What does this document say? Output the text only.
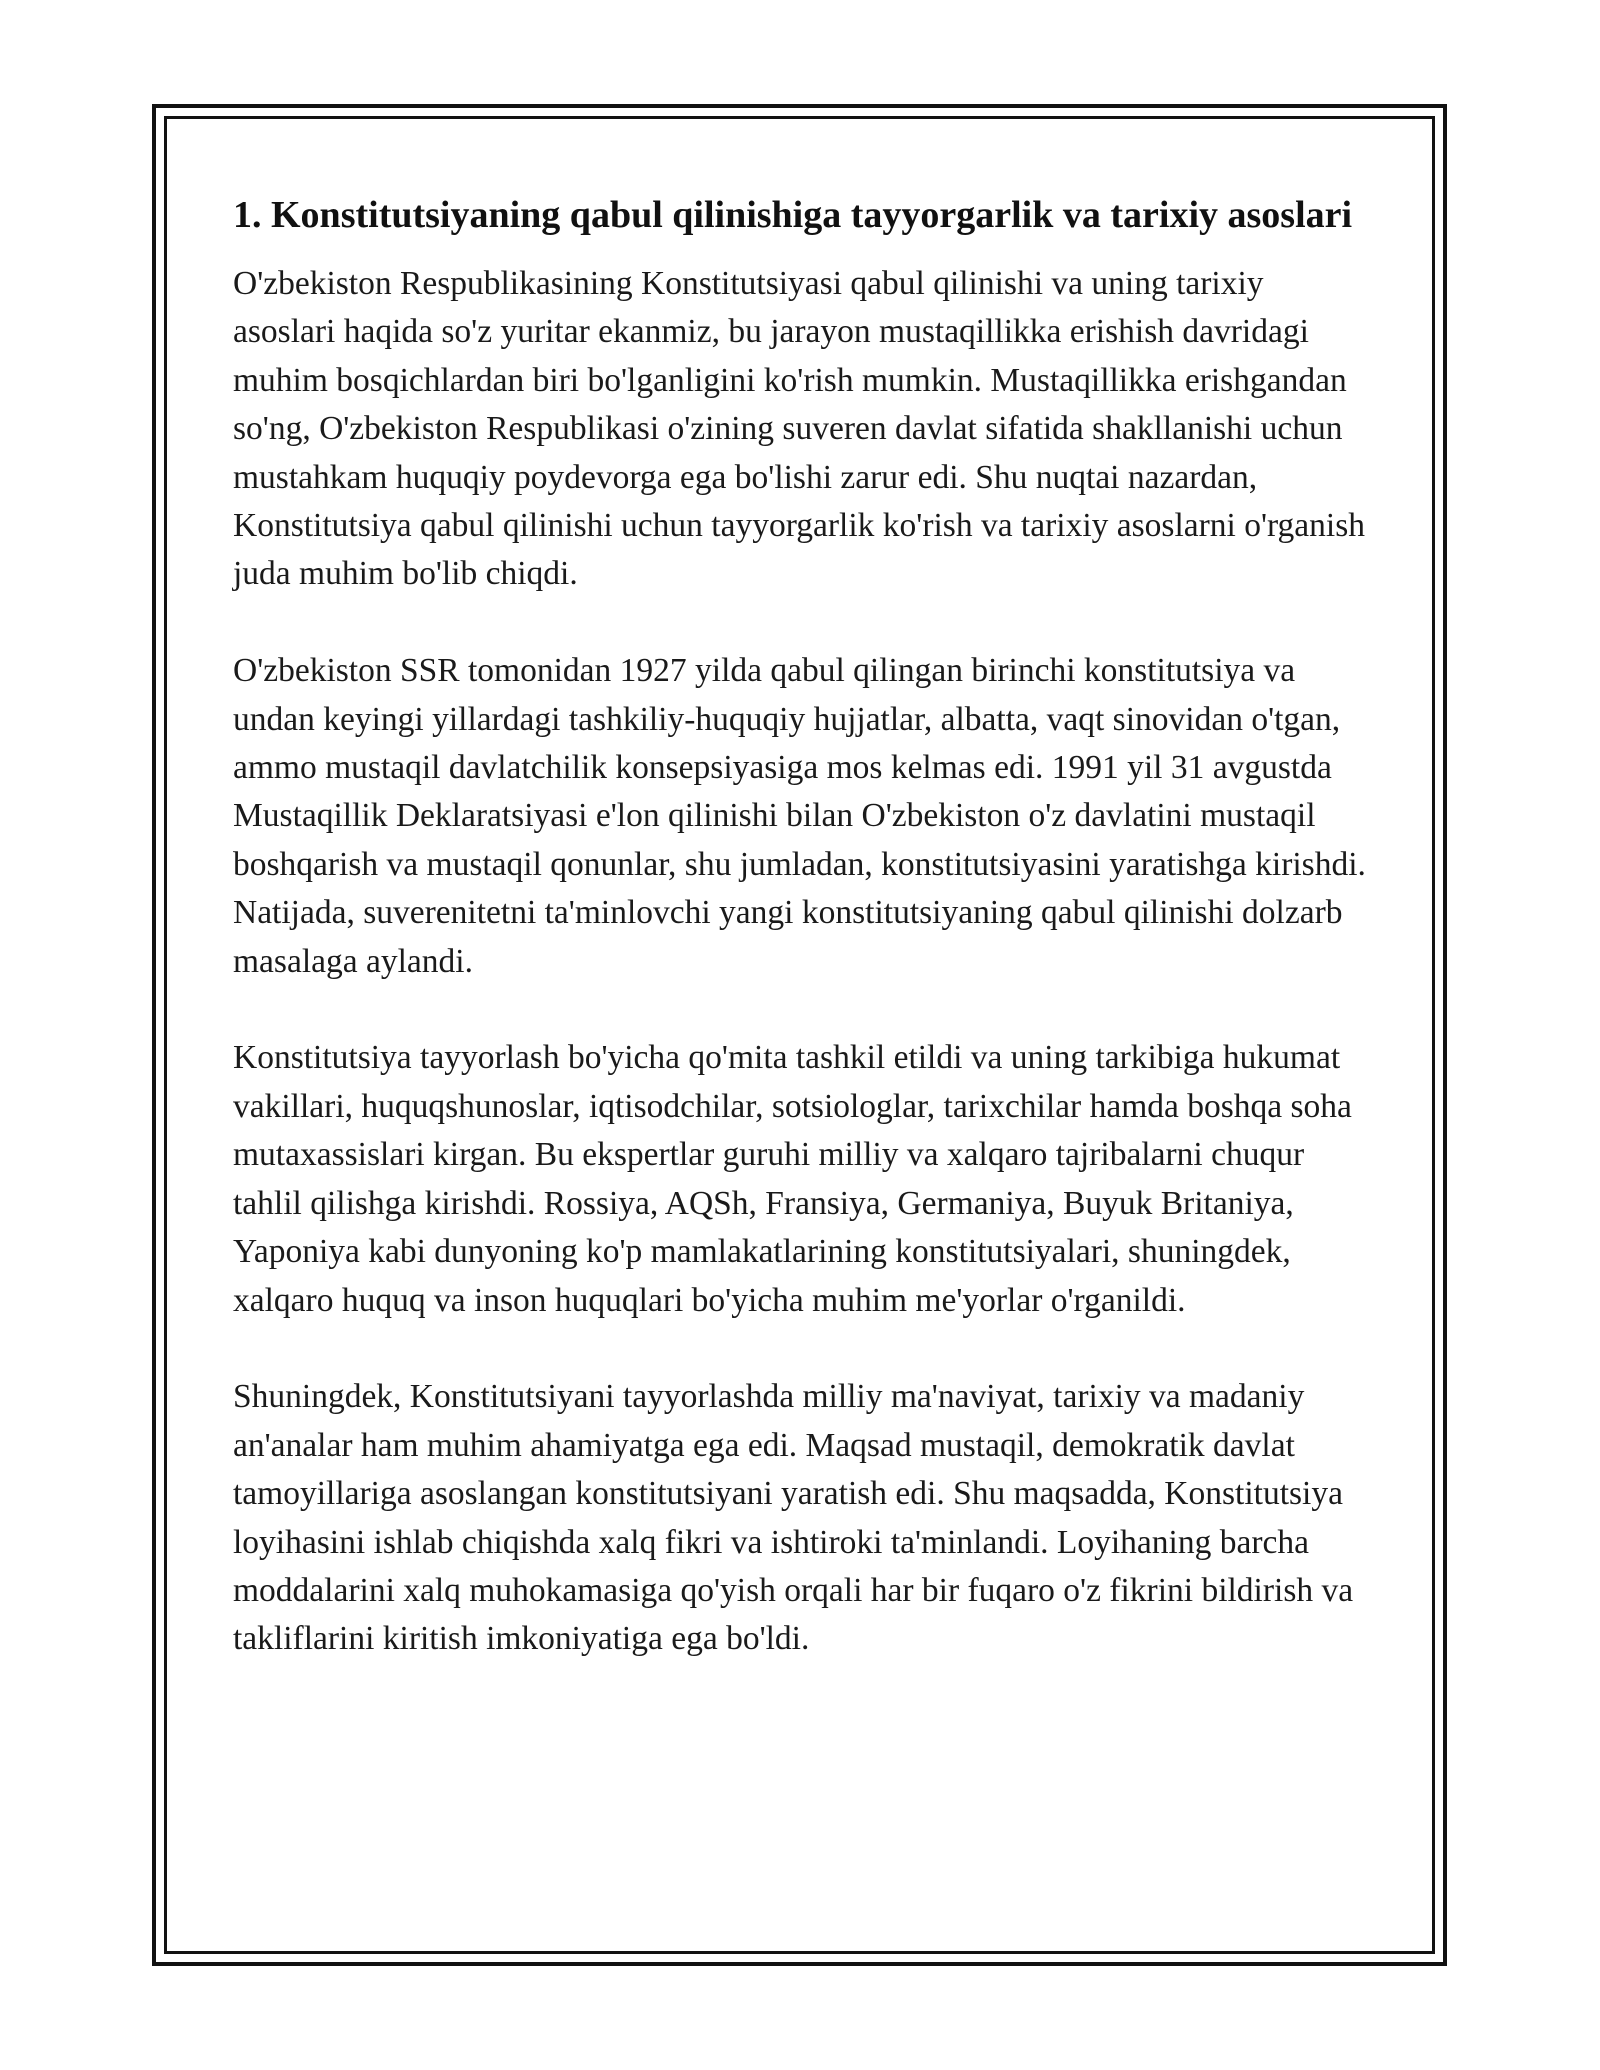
1. Konstitutsiyaning qabul qilinishiga tayyorgarlik va tarixiy asoslari

O'zbekiston Respublikasining Konstitutsiyasi qabul qilinishi va uning tarixiy asoslari haqida so'z yuritar ekanmiz, bu jarayon mustaqillikka erishish davridagi muhim bosqichlardan biri bo'lganligini ko'rish mumkin. Mustaqillikka erishgandan so'ng, O'zbekiston Respublikasi o'zining suveren davlat sifatida shakllanishi uchun mustahkam huquqiy poydevorga ega bo'lishi zarur edi. Shu nuqtai nazardan, Konstitutsiya qabul qilinishi uchun tayyorgarlik ko'rish va tarixiy asoslarni o'rganish juda muhim bo'lib chiqdi.

O'zbekiston SSR tomonidan 1927 yilda qabul qilingan birinchi konstitutsiya va undan keyingi yillardagi tashkiliy-huquqiy hujjatlar, albatta, vaqt sinovidan o'tgan, ammo mustaqil davlatchilik konsepsiyasiga mos kelmas edi. 1991 yil 31 avgustda Mustaqillik Deklaratsiyasi e'lon qilinishi bilan O'zbekiston o'z davlatini mustaqil boshqarish va mustaqil qonunlar, shu jumladan, konstitutsiyasini yaratishga kirishdi. Natijada, suverenitetni ta'minlovchi yangi konstitutsiyaning qabul qilinishi dolzarb masalaga aylandi.

Konstitutsiya tayyorlash bo'yicha qo'mita tashkil etildi va uning tarkibiga hukumat vakillari, huquqshunoslar, iqtisodchilar, sotsiologlar, tarixchilar hamda boshqa soha mutaxassislari kirgan. Bu ekspertlar guruhi milliy va xalqaro tajribalarni chuqur tahlil qilishga kirishdi. Rossiya, AQSh, Fransiya, Germaniya, Buyuk Britaniya, Yaponiya kabi dunyoning ko'p mamlakatlarining konstitutsiyalari, shuningdek, xalqaro huquq va inson huquqlari bo'yicha muhim me'yorlar o'rganildi.

Shuningdek, Konstitutsiyani tayyorlashda milliy ma'naviyat, tarixiy va madaniy an'analar ham muhim ahamiyatga ega edi. Maqsad mustaqil, demokratik davlat tamoyillariga asoslangan konstitutsiyani yaratish edi. Shu maqsadda, Konstitutsiya loyihasini ishlab chiqishda xalq fikri va ishtiroki ta'minlandi. Loyihaning barcha moddalarini xalq muhokamasiga qo'yish orqali har bir fuqaro o'z fikrini bildirish va takliflarini kiritish imkoniyatiga ega bo'ldi.
